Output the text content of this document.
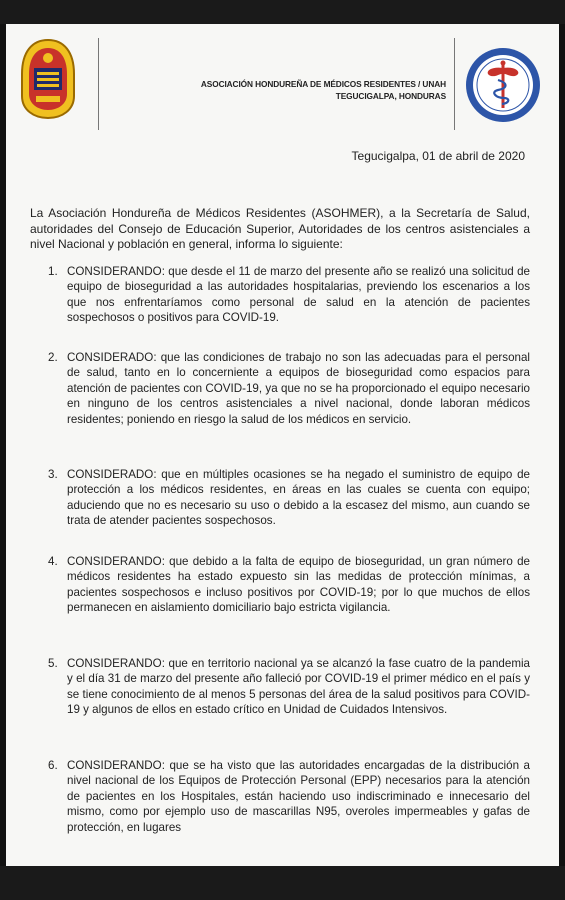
ASOCIACIÓN HONDUREÑA DE MÉDICOS RESIDENTES / UNAH
TEGUCIGALPA, HONDURAS
Tegucigalpa, 01 de abril de 2020
La Asociación Hondureña de Médicos Residentes (ASOHMER), a la Secretaría de Salud, autoridades del Consejo de Educación Superior, Autoridades de los centros asistenciales a nivel Nacional y población en general, informa lo siguiente:
1. CONSIDERANDO: que desde el 11 de marzo del presente año se realizó una solicitud de equipo de bioseguridad a las autoridades hospitalarias, previendo los escenarios a los que nos enfrentaríamos como personal de salud en la atención de pacientes sospechosos o positivos para COVID-19.
2. CONSIDERADO: que las condiciones de trabajo no son las adecuadas para el personal de salud, tanto en lo concerniente a equipos de bioseguridad como espacios para atención de pacientes con COVID-19, ya que no se ha proporcionado el equipo necesario en ninguno de los centros asistenciales a nivel nacional, donde laboran médicos residentes; poniendo en riesgo la salud de los médicos en servicio.
3. CONSIDERADO: que en múltiples ocasiones se ha negado el suministro de equipo de protección a los médicos residentes, en áreas en las cuales se cuenta con equipo; aduciendo que no es necesario su uso o debido a la escasez del mismo, aun cuando se trata de atender pacientes sospechosos.
4. CONSIDERANDO: que debido a la falta de equipo de bioseguridad, un gran número de médicos residentes ha estado expuesto sin las medidas de protección mínimas, a pacientes sospechosos e incluso positivos por COVID-19; por lo que muchos de ellos permanecen en aislamiento domiciliario bajo estricta vigilancia.
5. CONSIDERANDO: que en territorio nacional ya se alcanzó la fase cuatro de la pandemia y el día 31 de marzo del presente año falleció por COVID-19 el primer médico en el país y se tiene conocimiento de al menos 5 personas del área de la salud positivos para COVID-19 y algunos de ellos en estado crítico en Unidad de Cuidados Intensivos.
6. CONSIDERANDO: que se ha visto que las autoridades encargadas de la distribución a nivel nacional de los Equipos de Protección Personal (EPP) necesarios para la atención de pacientes en los Hospitales, están haciendo uso indiscriminado e innecesario del mismo, como por ejemplo uso de mascarillas N95, overoles impermeables y gafas de protección, en lugares
